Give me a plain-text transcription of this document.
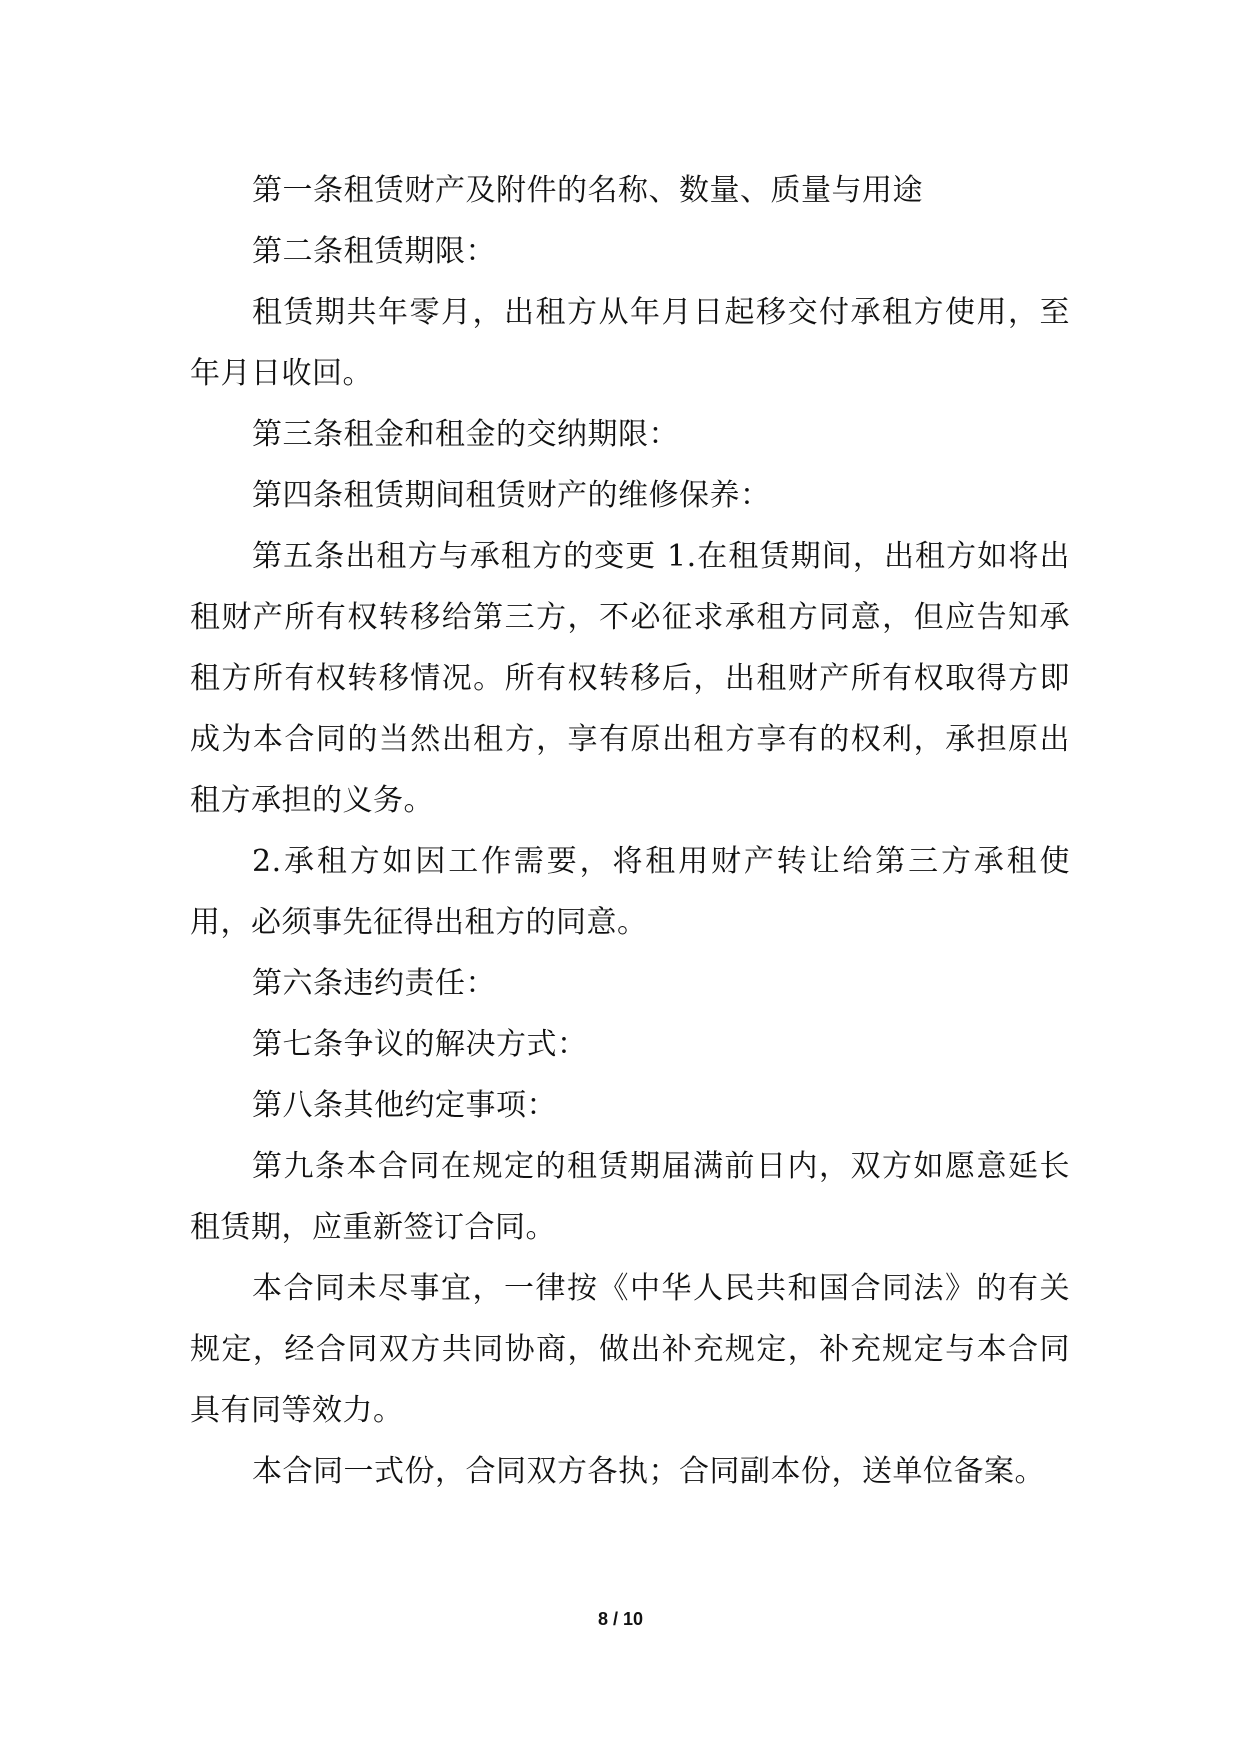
第一条租赁财产及附件的名称、数量、质量与用途

第二条租赁期限：

租赁期共年零月，出租方从年月日起移交付承租方使用，至年月日收回。

第三条租金和租金的交纳期限：

第四条租赁期间租赁财产的维修保养：

第五条出租方与承租方的变更 1.在租赁期间，出租方如将出租财产所有权转移给第三方，不必征求承租方同意，但应告知承租方所有权转移情况。所有权转移后，出租财产所有权取得方即成为本合同的当然出租方，享有原出租方享有的权利，承担原出租方承担的义务。

2.承租方如因工作需要，将租用财产转让给第三方承租使用，必须事先征得出租方的同意。

第六条违约责任：

第七条争议的解决方式：

第八条其他约定事项：

第九条本合同在规定的租赁期届满前日内，双方如愿意延长租赁期，应重新签订合同。

本合同未尽事宜，一律按《中华人民共和国合同法》的有关规定，经合同双方共同协商，做出补充规定，补充规定与本合同具有同等效力。

本合同一式份，合同双方各执；合同副本份，送单位备案。

8 / 10
